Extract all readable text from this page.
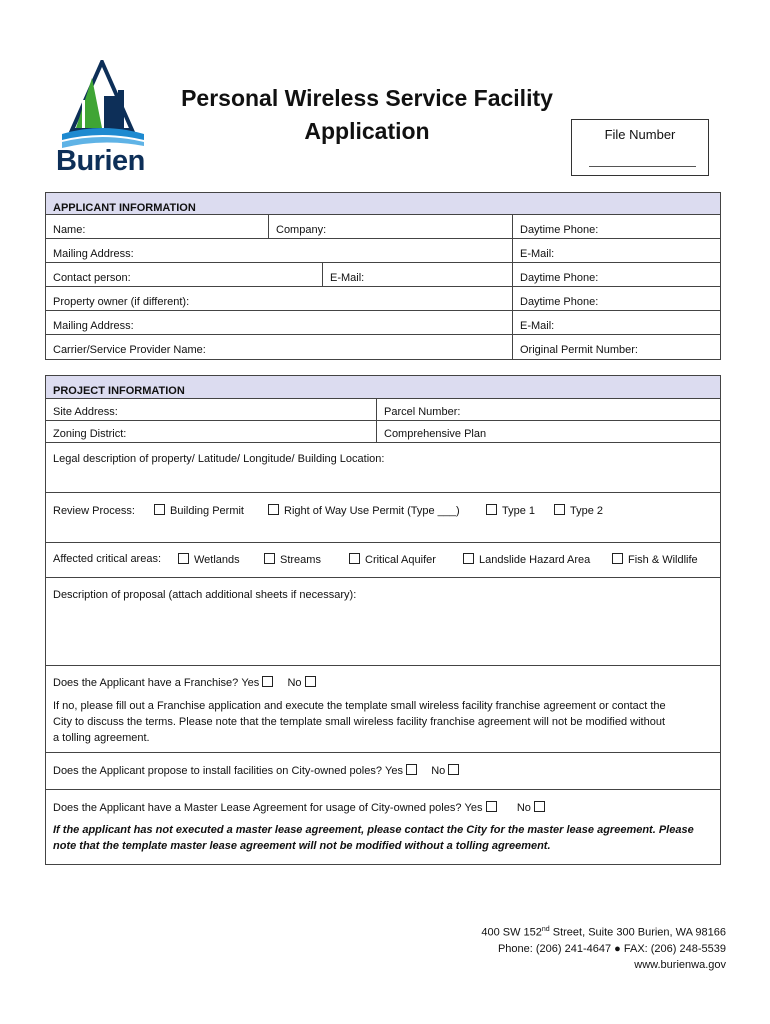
Burien
Personal Wireless Service Facility
Application	File Number
APPLICANT INFORMATION
Name:	Company:	Daytime Phone:
Mailing Address:	E-Mail:
Contact person:	E-Mail:	Daytime Phone:
Property owner (if different):	Daytime Phone:
Mailing Address:	E-Mail:
Carrier/Service Provider Name:	Original Permit Number:
PROJECT INFORMATION
Site Address:	Parcel Number:
Zoning District:	Comprehensive Plan
Legal description of property/ Latitude/ Longitude/ Building Location:
Review Process:	Building Permit	Right of Way Use Permit (Type ___)	Type 1	Type 2
Affected critical areas:	Wetlands	Streams	Critical Aquifer	Landslide Hazard Area	Fish & Wildlife
Description of proposal (attach additional sheets if necessary):
Does the Applicant have a Franchise? Yes	No
If no, please fill out a Franchise application and execute the template small wireless facility franchise agreement or contact the
City to discuss the terms. Please note that the template small wireless facility franchise agreement will not be modified without
a tolling agreement.
Does the Applicant propose to install facilities on City-owned poles? Yes	No
Does the Applicant have a Master Lease Agreement for usage of City-owned poles? Yes	No
If the applicant has not executed a master lease agreement, please contact the City for the master lease agreement. Please
note that the template master lease agreement will not be modified without a tolling agreement.
400 SW 152nd Street, Suite 300 Burien, WA 98166
Phone: (206) 241-4647 ● FAX: (206) 248-5539
www.burienwa.gov
